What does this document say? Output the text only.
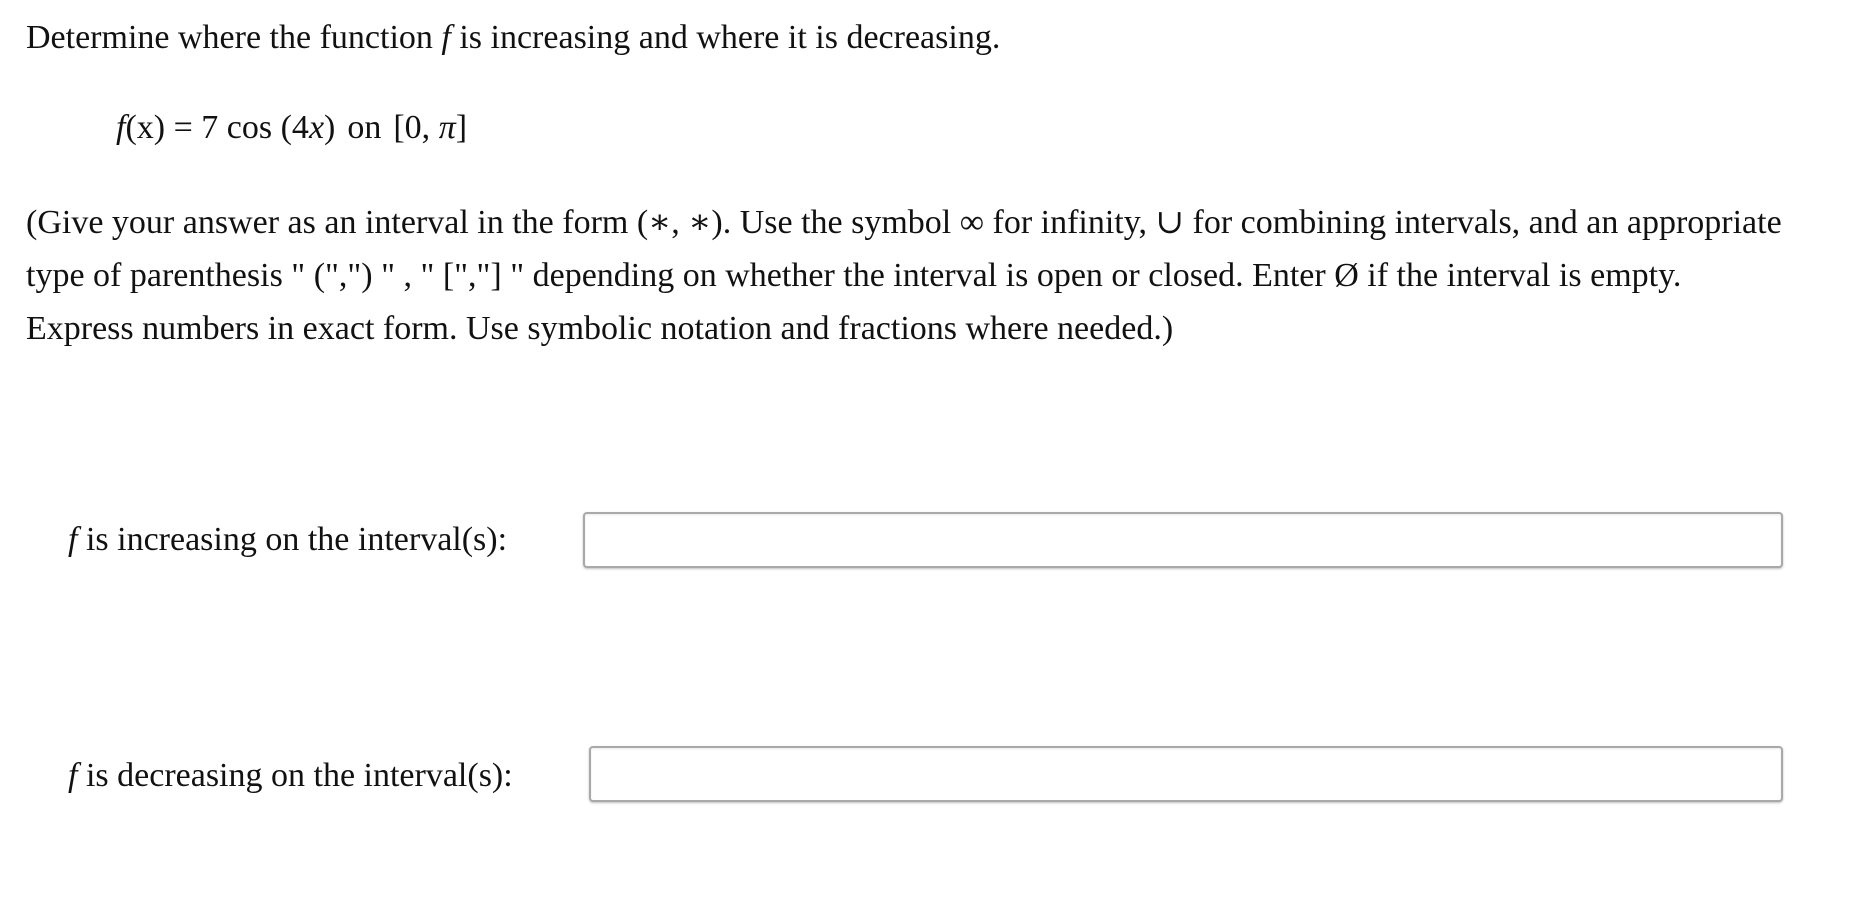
Determine where the function f is increasing and where it is decreasing.
f(x) = 7 cos (4x) on [0, π]
(Give your answer as an interval in the form (∗, ∗). Use the symbol ∞ for infinity, ∪ for combining intervals, and an appropriate
type of parenthesis " (",") " , " [","] " depending on whether the interval is open or closed. Enter Ø if the interval is empty.
Express numbers in exact form. Use symbolic notation and fractions where needed.)
f is increasing on the interval(s):
f is decreasing on the interval(s):
